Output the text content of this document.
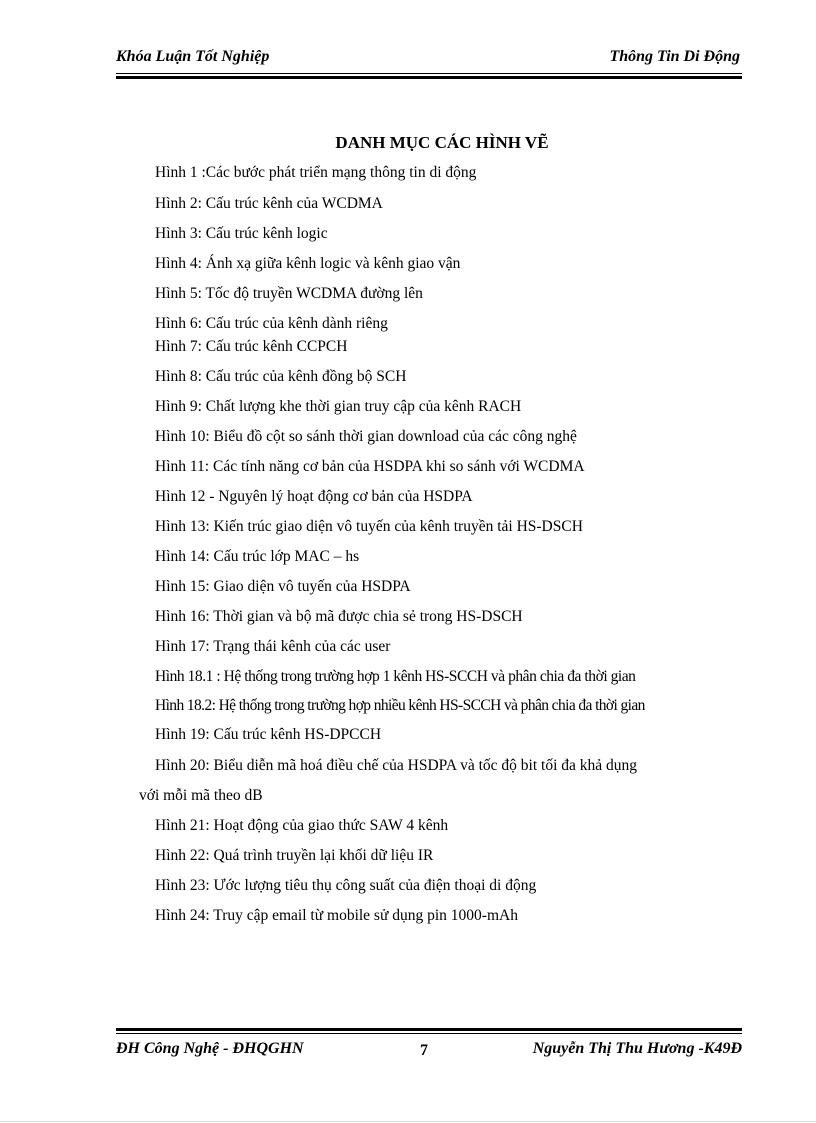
Khóa Luận Tốt Nghiệp	Thông Tin Di Động
DANH MỤC CÁC HÌNH VẼ
Hình 1 :Các bước phát triển mạng thông tin di động
Hình 2: Cấu trúc kênh của WCDMA
Hình 3: Cấu trúc kênh logic
Hình 4: Ánh xạ giữa kênh logic và kênh giao vận
Hình 5: Tốc độ truyền WCDMA đường lên
Hình 6: Cấu trúc của kênh dành riêng
Hình 7: Cấu trúc kênh CCPCH
Hình 8: Cấu trúc của kênh đồng bộ SCH
Hình 9: Chất lượng khe thời gian truy cập của kênh RACH
Hình 10: Biểu đồ cột so sánh thời gian download của các công nghệ
Hình 11: Các tính năng cơ bản của HSDPA khi so sánh với WCDMA
Hình 12 - Nguyên lý hoạt động cơ bản của HSDPA
Hình 13: Kiến trúc giao diện vô tuyến của kênh truyền tải HS-DSCH
Hình 14: Cấu trúc lớp MAC – hs
Hình 15: Giao diện vô tuyến của HSDPA
Hình 16: Thời gian và bộ mã được chia sẻ trong HS-DSCH
Hình 17: Trạng thái kênh của các user
Hình 18.1 : Hệ thống trong trường hợp 1 kênh HS-SCCH và phân chia đa thời gian
Hình 18.2: Hệ thống trong trường hợp nhiều kênh HS-SCCH và phân chia đa thời gian
Hình 19: Cấu trúc kênh HS-DPCCH
Hình 20: Biểu diễn mã hoá điều chế của HSDPA và tốc độ bit tối đa khả dụng
với mỗi mã theo dB
Hình 21: Hoạt động của giao thức SAW 4 kênh
Hình 22: Quá trình truyền lại khối dữ liệu IR
Hình 23: Ước lượng tiêu thụ công suất của điện thoại di động
Hình 24: Truy cập email từ mobile sử dụng pin 1000-mAh
ĐH Công Nghệ - ĐHQGHN	7	Nguyễn Thị Thu Hương -K49Đ
